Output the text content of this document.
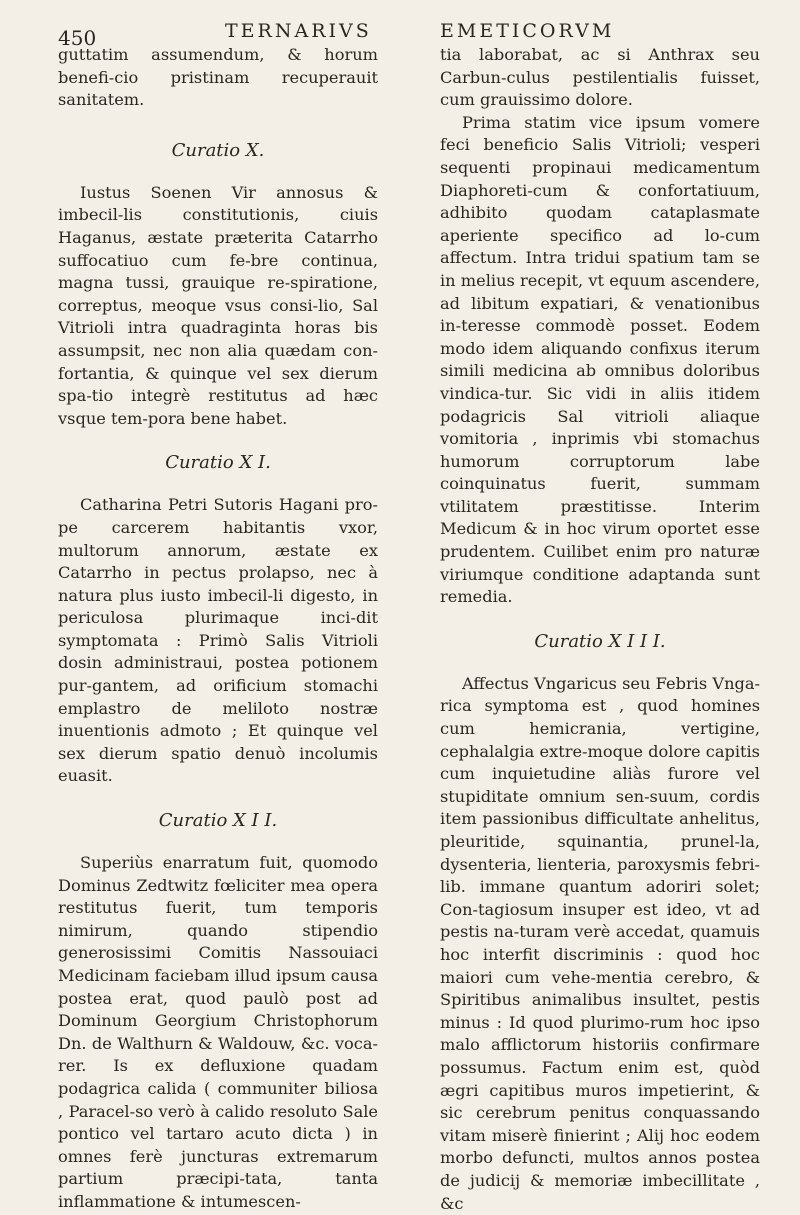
450	TERNARIVS	EMETICORVM

guttatim assumendum, & horum benefi-cio pristinam recuperauit sanitatem.

Curatio X.

Iustus Soenen Vir annosus & imbecil-lis constitutionis, ciuis Haganus, æstate præterita Catarrho suffocatiuo cum fe-bre continua, magna tussi, grauique re-spiratione, correptus, meoque vsus consi-lio, Sal Vitrioli intra quadraginta horas bis assumpsit, nec non alia quædam con-fortantia, & quinque vel sex dierum spa-tio integrè restitutus ad hæc vsque tem-pora bene habet.

Curatio X I.

Catharina Petri Sutoris Hagani pro-pe carcerem habitantis vxor, multorum annorum, æstate ex Catarrho in pectus prolapso, nec à natura plus iusto imbecil-li digesto, in periculosa plurimaque inci-dit symptomata : Primò Salis Vitrioli dosin administraui, postea potionem pur-gantem, ad orificium stomachi emplastro de meliloto nostræ inuentionis admoto ; Et quinque vel sex dierum spatio denuò incolumis euasit.

Curatio X I I.

Superiùs enarratum fuit, quomodo Dominus Zedtwitz fœliciter mea opera restitutus fuerit, tum temporis nimirum, quando stipendio generosissimi Comitis Nassouiaci Medicinam faciebam illud ipsum causa postea erat, quod paulò post ad Dominum Georgium Christophorum Dn. de Walthurn & Waldouw, &c. voca-rer. Is ex defluxione quadam podagrica calida ( communiter biliosa , Paracel-so verò à calido resoluto Sale pontico vel tartaro acuto dicta ) in omnes ferè juncturas extremarum partium præcipi-tata, tanta inflammatione & intumescen-

tia laborabat, ac si Anthrax seu Carbun-culus pestilentialis fuisset, cum grauissimo dolore.

Prima statim vice ipsum vomere feci beneficio Salis Vitrioli; vesperi sequenti propinaui medicamentum Diaphoreti-cum & confortatiuum, adhibito quodam cataplasmate aperiente specifico ad lo-cum affectum. Intra tridui spatium tam se in melius recepit, vt equum ascendere, ad libitum expatiari, & venationibus in-teresse commodè posset. Eodem modo idem aliquando confixus iterum simili medicina ab omnibus doloribus vindica-tur. Sic vidi in aliis itidem podagricis Sal vitrioli aliaque vomitoria , inprimis vbi stomachus humorum corruptorum labe coinquinatus fuerit, summam vtilitatem præstitisse. Interim Medicum & in hoc virum oportet esse prudentem. Cuilibet enim pro naturæ viriumque conditione adaptanda sunt remedia.

Curatio X I I I.

Affectus Vngaricus seu Febris Vnga-rica symptoma est , quod homines cum hemicrania, vertigine, cephalalgia extre-moque dolore capitis cum inquietudine aliàs furore vel stupiditate omnium sen-suum, cordis item passionibus difficultate anhelitus, pleuritide, squinantia, prunel-la, dysenteria, lienteria, paroxysmis febri-lib. immane quantum adoriri solet; Con-tagiosum insuper est ideo, vt ad pestis na-turam verè accedat, quamuis hoc interfit discriminis : quod hoc maiori cum vehe-mentia cerebro, & Spiritibus animalibus insultet, pestis minus : Id quod plurimo-rum hoc ipso malo afflictorum historiis confirmare possumus. Factum enim est, quòd ægri capitibus muros impetierint, & sic cerebrum penitus conquassando vitam miserè finierint ; Alij hoc eodem morbo defuncti, multos annos postea de judicij & memoriæ imbecillitate , &c
